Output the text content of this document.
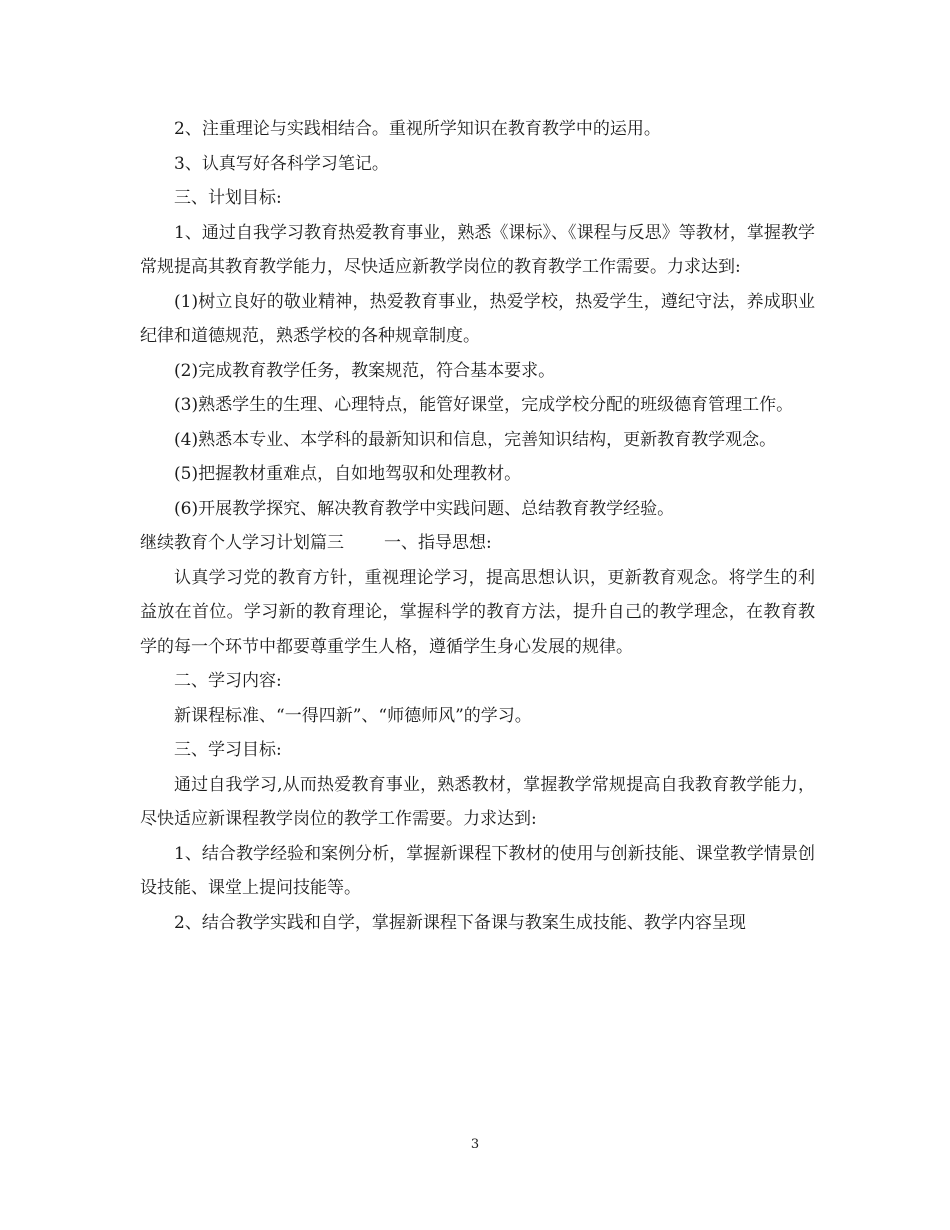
2、注重理论与实践相结合。重视所学知识在教育教学中的运用。

3、认真写好各科学习笔记。

三、计划目标:

1、通过自我学习教育热爱教育事业，熟悉《课标》、《课程与反思》等教材，掌握教学常规提高其教育教学能力，尽快适应新教学岗位的教育教学工作需要。力求达到:

(1)树立良好的敬业精神，热爱教育事业，热爱学校，热爱学生，遵纪守法，养成职业纪律和道德规范，熟悉学校的各种规章制度。

(2)完成教育教学任务，教案规范，符合基本要求。

(3)熟悉学生的生理、心理特点，能管好课堂，完成学校分配的班级德育管理工作。

(4)熟悉本专业、本学科的最新知识和信息，完善知识结构，更新教育教学观念。

(5)把握教材重难点，自如地驾驭和处理教材。

(6)开展教学探究、解决教育教学中实践问题、总结教育教学经验。

继续教育个人学习计划篇三 一、指导思想:

认真学习党的教育方针，重视理论学习，提高思想认识，更新教育观念。将学生的利益放在首位。学习新的教育理论，掌握科学的教育方法，提升自己的教学理念，在教育教学的每一个环节中都要尊重学生人格，遵循学生身心发展的规律。

二、学习内容:

新课程标准、“一得四新”、“师德师风”的学习。

三、学习目标:

通过自我学习,从而热爱教育事业，熟悉教材，掌握教学常规提高自我教育教学能力，尽快适应新课程教学岗位的教学工作需要。力求达到:

1、结合教学经验和案例分析，掌握新课程下教材的使用与创新技能、课堂教学情景创设技能、课堂上提问技能等。

2、结合教学实践和自学，掌握新课程下备课与教案生成技能、教学内容呈现

3
